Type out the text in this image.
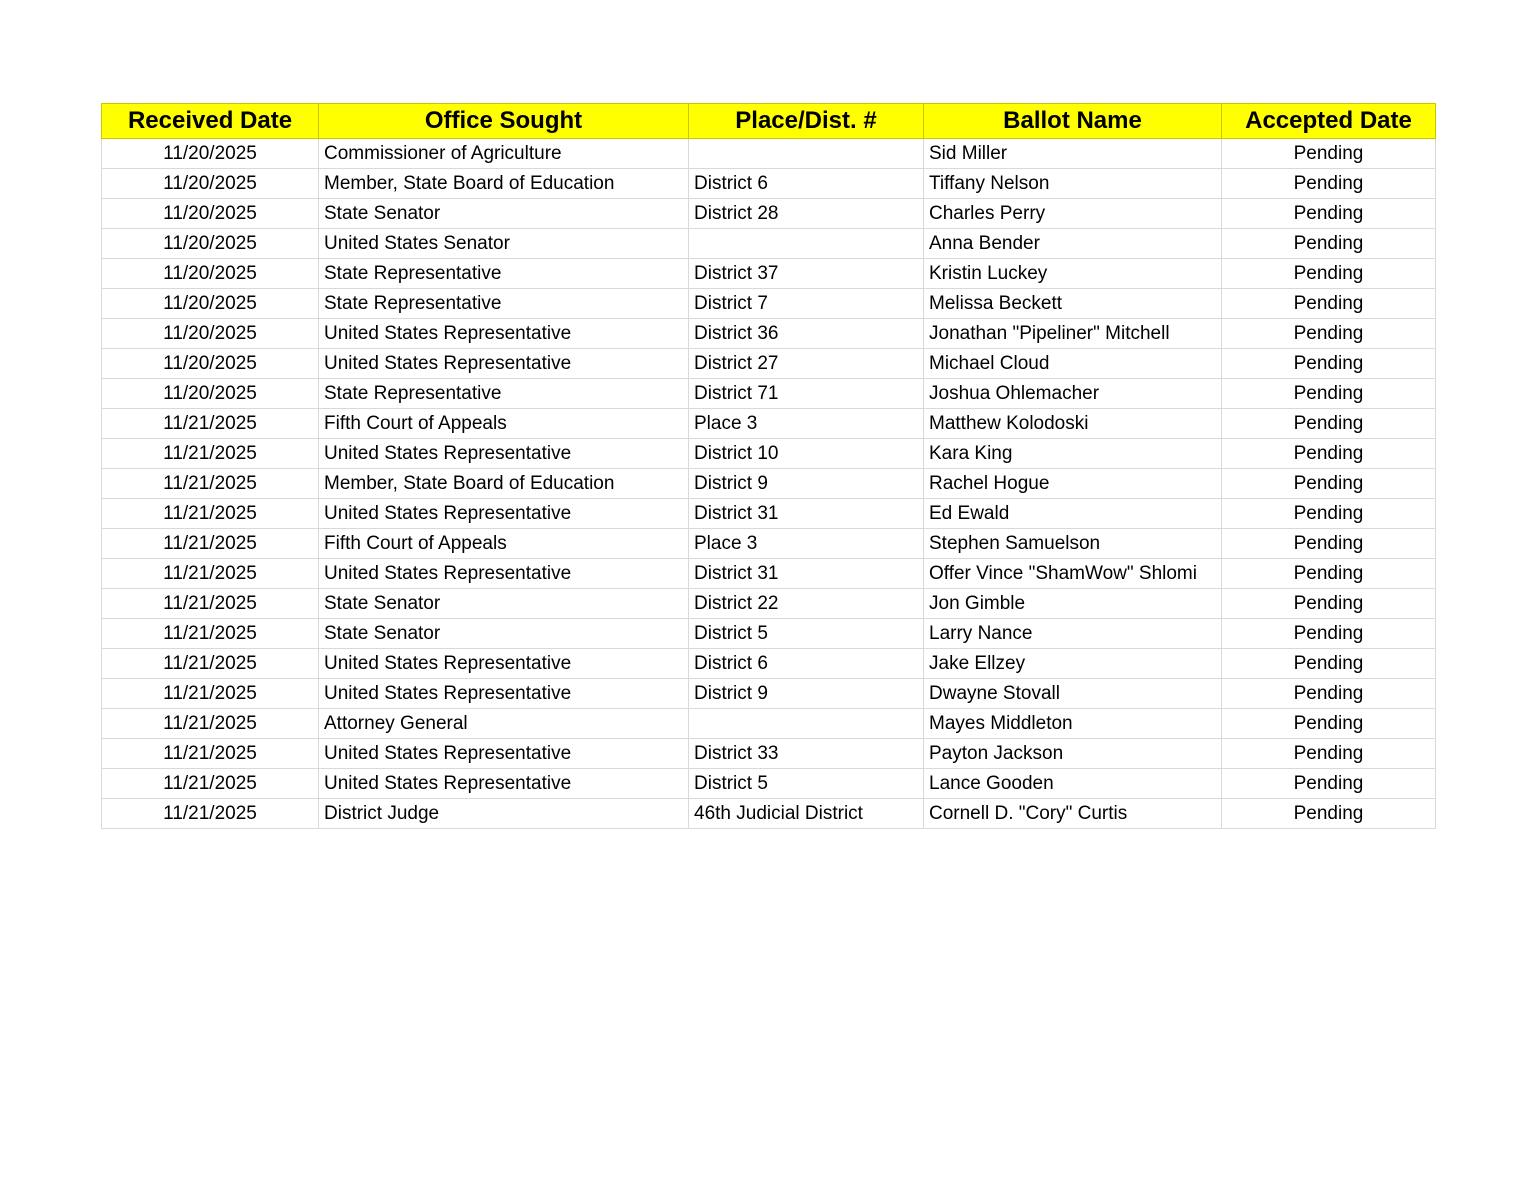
Received Date	Office Sought	Place/Dist. #	Ballot Name	Accepted Date
11/20/2025	Commissioner of Agriculture		Sid Miller	Pending
11/20/2025	Member, State Board of Education	District 6	Tiffany Nelson	Pending
11/20/2025	State Senator	District 28	Charles Perry	Pending
11/20/2025	United States Senator		Anna Bender	Pending
11/20/2025	State Representative	District 37	Kristin Luckey	Pending
11/20/2025	State Representative	District 7	Melissa Beckett	Pending
11/20/2025	United States Representative	District 36	Jonathan "Pipeliner" Mitchell	Pending
11/20/2025	United States Representative	District 27	Michael Cloud	Pending
11/20/2025	State Representative	District 71	Joshua Ohlemacher	Pending
11/21/2025	Fifth Court of Appeals	Place 3	Matthew Kolodoski	Pending
11/21/2025	United States Representative	District 10	Kara King	Pending
11/21/2025	Member, State Board of Education	District 9	Rachel Hogue	Pending
11/21/2025	United States Representative	District 31	Ed Ewald	Pending
11/21/2025	Fifth Court of Appeals	Place 3	Stephen Samuelson	Pending
11/21/2025	United States Representative	District 31	Offer Vince "ShamWow" Shlomi	Pending
11/21/2025	State Senator	District 22	Jon Gimble	Pending
11/21/2025	State Senator	District 5	Larry Nance	Pending
11/21/2025	United States Representative	District 6	Jake Ellzey	Pending
11/21/2025	United States Representative	District 9	Dwayne Stovall	Pending
11/21/2025	Attorney General		Mayes Middleton	Pending
11/21/2025	United States Representative	District 33	Payton Jackson	Pending
11/21/2025	United States Representative	District 5	Lance Gooden	Pending
11/21/2025	District Judge	46th Judicial District	Cornell D. "Cory" Curtis	Pending
